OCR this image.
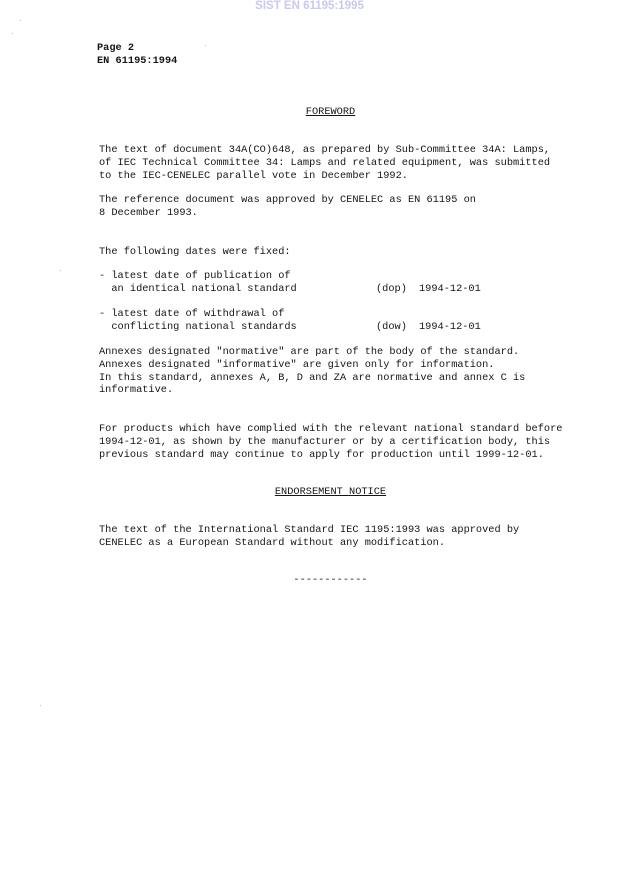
SIST EN 61195:1995
Page 2
EN 61195:1994
FOREWORD
The text of document 34A(CO)648, as prepared by Sub-Committee 34A: Lamps,
of IEC Technical Committee 34: Lamps and related equipment, was submitted
to the IEC-CENELEC parallel vote in December 1992.
The reference document was approved by CENELEC as EN 61195 on
8 December 1993.
The following dates were fixed:
- latest date of publication of
an identical national standard	(dop) 1994-12-01
- latest date of withdrawal of
conflicting national standards	(dow) 1994-12-01
Annexes designated "normative" are part of the body of the standard.
Annexes designated "informative" are given only for information.
In this standard, annexes A, B, D and ZA are normative and annex C is
informative.
For products which have complied with the relevant national standard before
1994-12-01, as shown by the manufacturer or by a certification body, this
previous standard may continue to apply for production until 1999-12-01.
ENDORSEMENT NOTICE
The text of the International Standard IEC 1195:1993 was approved by
CENELEC as a European Standard without any modification.
------------
